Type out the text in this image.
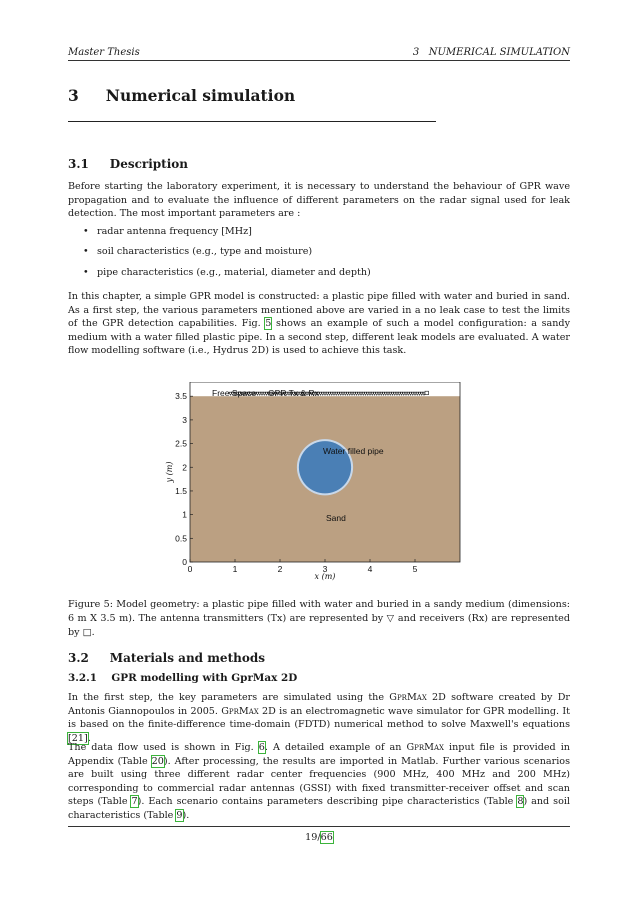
Master Thesis	3   NUMERICAL SIMULATION
3 Numerical simulation
3.1 Description
Before starting the laboratory experiment, it is necessary to understand the behaviour of GPR wave propagation and to evaluate the influence of different parameters on the radar signal used for leak detection. The most important parameters are :
• radar antenna frequency [MHz]
• soil characteristics (e.g., type and moisture)
• pipe characteristics (e.g., material, diameter and depth)
In this chapter, a simple GPR model is constructed: a plastic pipe filled with water and buried in sand. As a first step, the various parameters mentioned above are varied in a no leak case to test the limits of the GPR detection capabilities. Fig. 5 shows an example of such a model configuration: a sandy medium with a water filled plastic pipe. In a second step, different leak models are evaluated. A water flow modelling software (i.e., Hydrus 2D) is used to achieve this task.
0
0.5
1
1.5
2
2.5
3
3.5
0	1	2	3	4	5
Free Space GPR Tx & Rx
Water filled pipe
Sand
x (m)
y (m)
Figure 5: Model geometry: a plastic pipe filled with water and buried in a sandy medium (dimensions: 6 m X 3.5 m). The antenna transmitters (Tx) are represented by ▽ and receivers (Rx) are represented by □.
3.2 Materials and methods
3.2.1 GPR modelling with GprMax 2D
In the first step, the key parameters are simulated using the GprMax 2D software created by Dr Antonis Giannopoulos in 2005. GprMax 2D is an electromagnetic wave simulator for GPR modelling. It is based on the finite-difference time-domain (FDTD) numerical method to solve Maxwell's equations [21].
The data flow used is shown in Fig. 6. A detailed example of an GprMax input file is provided in Appendix (Table 20). After processing, the results are imported in Matlab. Further various scenarios are built using three different radar center frequencies (900 MHz, 400 MHz and 200 MHz) corresponding to commercial radar antennas (GSSI) with fixed transmitter-receiver offset and scan steps (Table 7). Each scenario contains parameters describing pipe characteristics (Table 8) and soil characteristics (Table 9).
19/66
